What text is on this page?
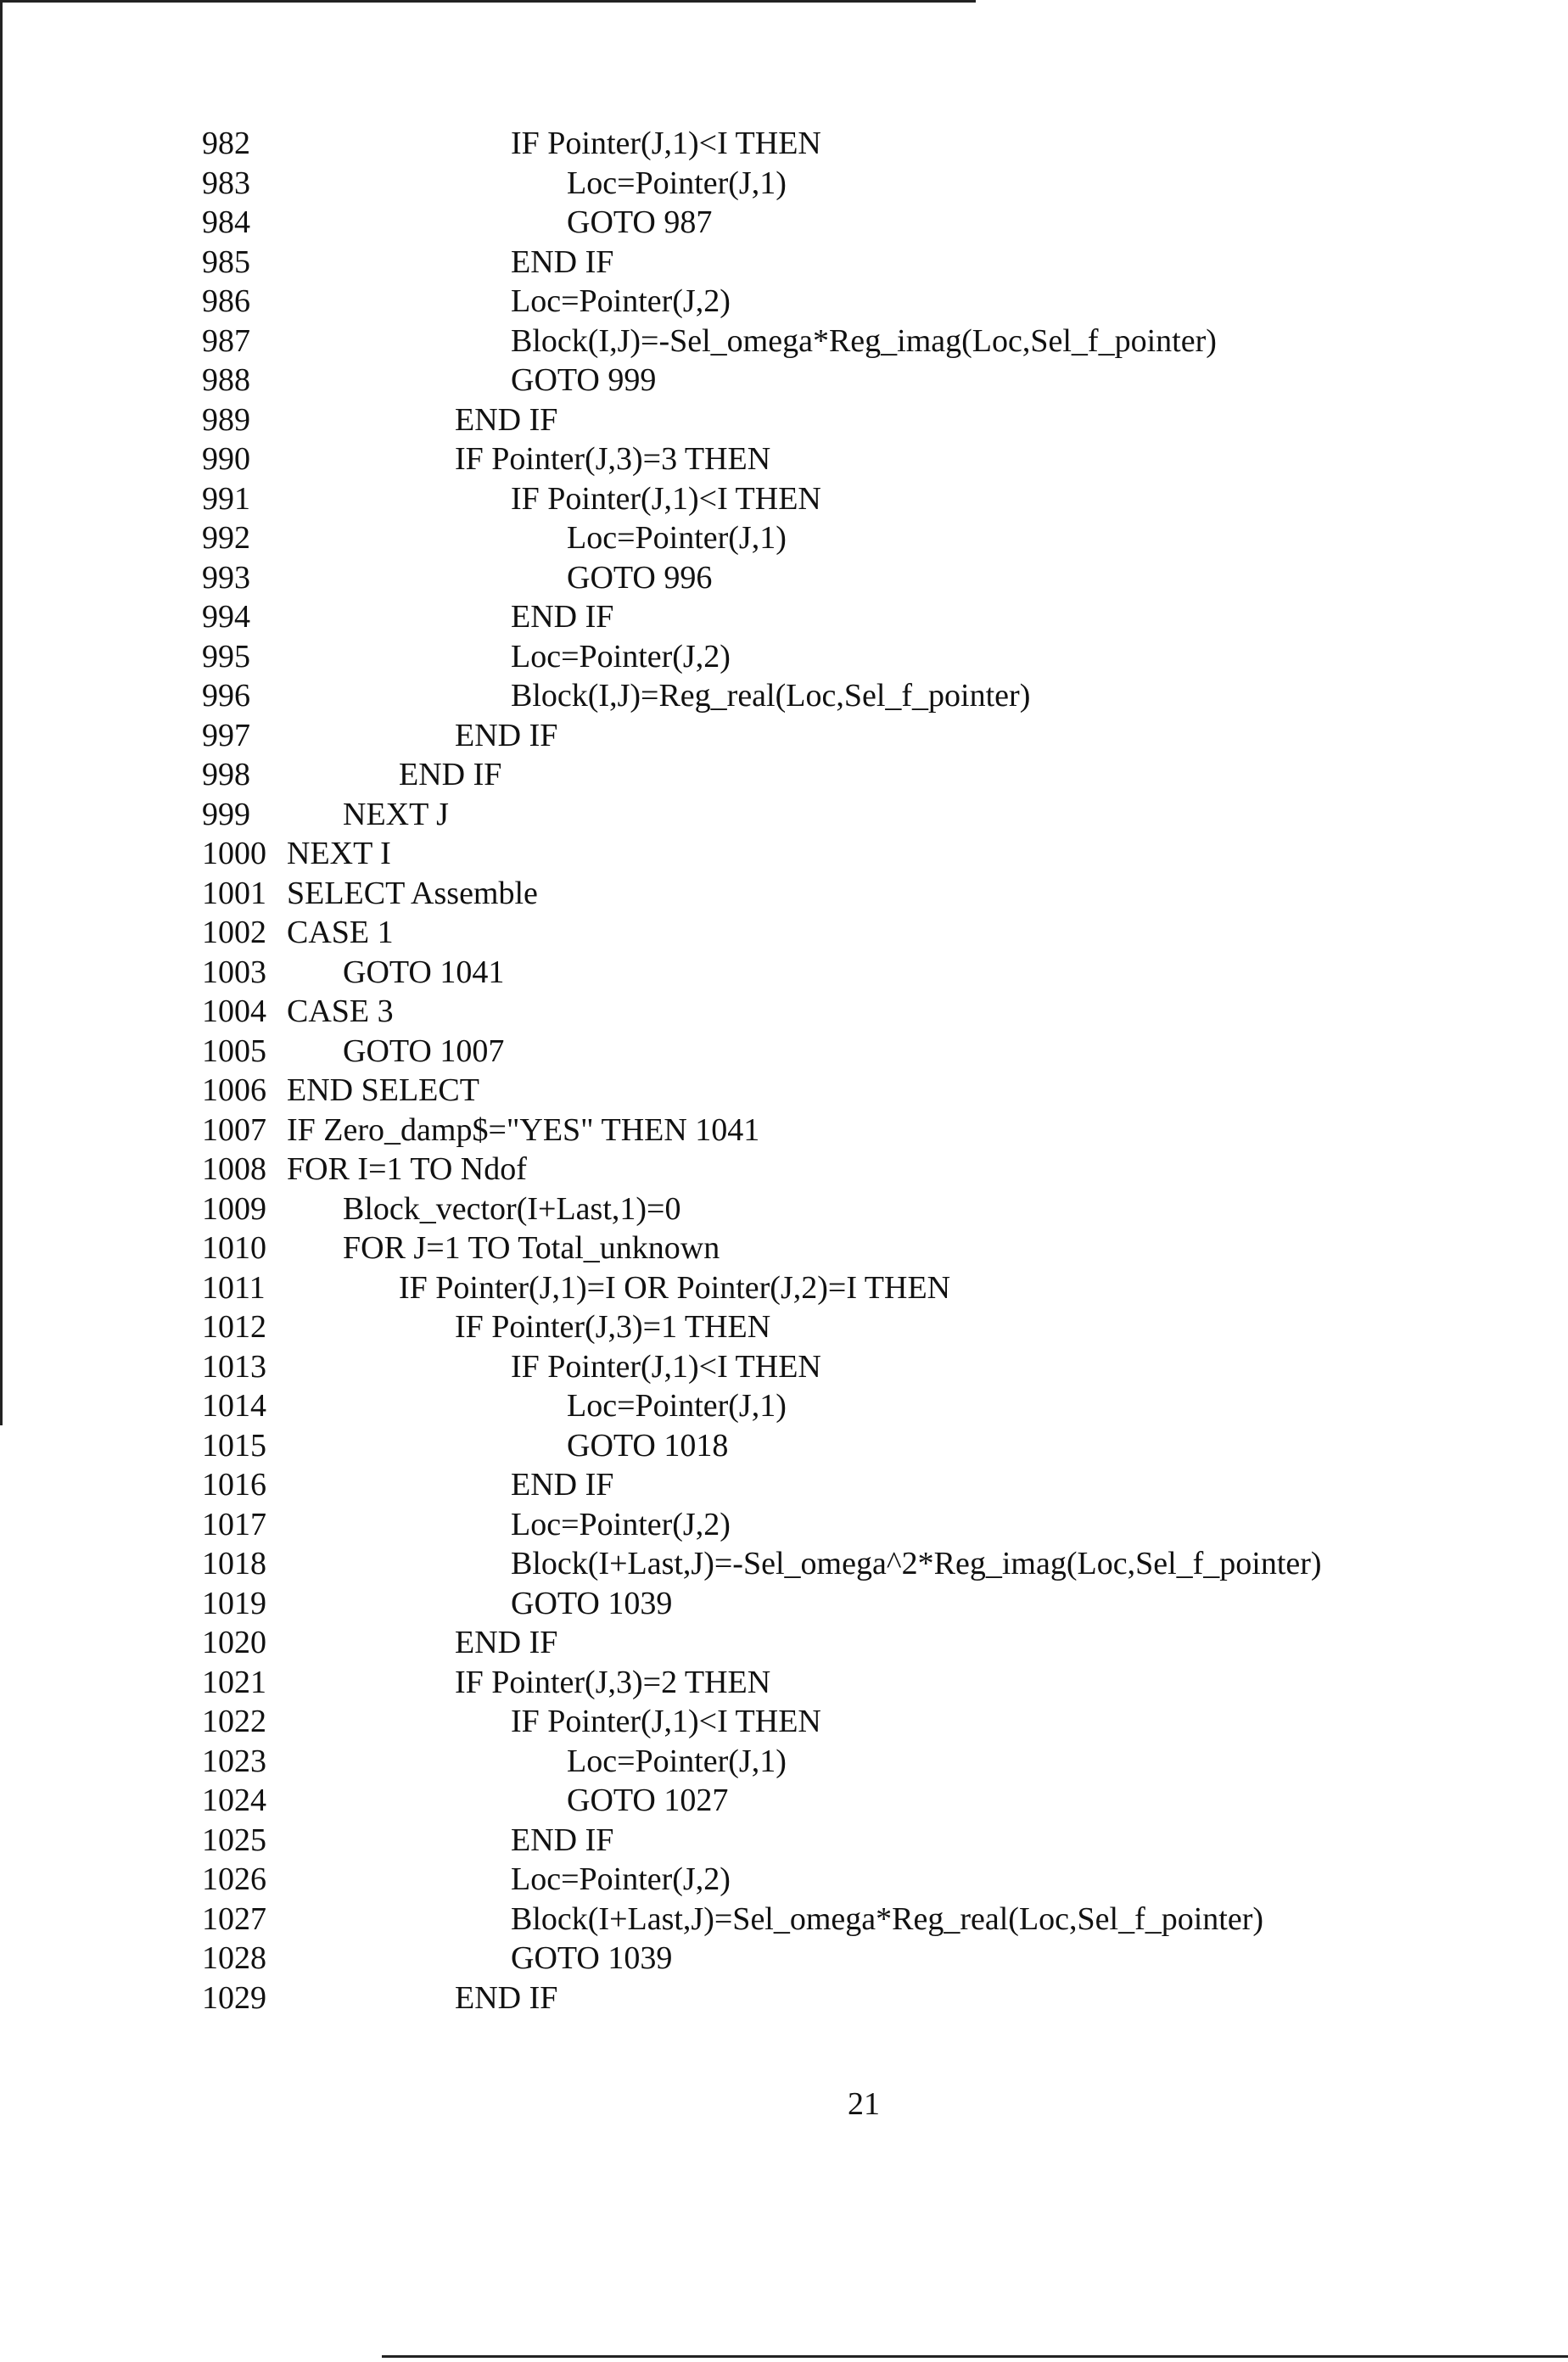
982	IF Pointer(J,1)<I THEN
983	Loc=Pointer(J,1)
984	GOTO 987
985	END IF
986	Loc=Pointer(J,2)
987	Block(I,J)=-Sel_omega*Reg_imag(Loc,Sel_f_pointer)
988	GOTO 999
989	END IF
990	IF Pointer(J,3)=3 THEN
991	IF Pointer(J,1)<I THEN
992	Loc=Pointer(J,1)
993	GOTO 996
994	END IF
995	Loc=Pointer(J,2)
996	Block(I,J)=Reg_real(Loc,Sel_f_pointer)
997	END IF
998	END IF
999	NEXT J
1000 NEXT I
1001 SELECT Assemble
1002 CASE 1
1003	GOTO 1041
1004 CASE 3
1005	GOTO 1007
1006 END SELECT
1007 IF Zero_damp$="YES" THEN 1041
1008 FOR I=1 TO Ndof
1009	Block_vector(I+Last,1)=0
1010	FOR J=1 TO Total_unknown
1011	IF Pointer(J,1)=I OR Pointer(J,2)=I THEN
1012	IF Pointer(J,3)=1 THEN
1013	IF Pointer(J,1)<I THEN
1014	Loc=Pointer(J,1)
1015	GOTO 1018
1016	END IF
1017	Loc=Pointer(J,2)
1018	Block(I+Last,J)=-Sel_omega^2*Reg_imag(Loc,Sel_f_pointer)
1019	GOTO 1039
1020	END IF
1021	IF Pointer(J,3)=2 THEN
1022	IF Pointer(J,1)<I THEN
1023	Loc=Pointer(J,1)
1024	GOTO 1027
1025	END IF
1026	Loc=Pointer(J,2)
1027	Block(I+Last,J)=Sel_omega*Reg_real(Loc,Sel_f_pointer)
1028	GOTO 1039
1029	END IF
21
